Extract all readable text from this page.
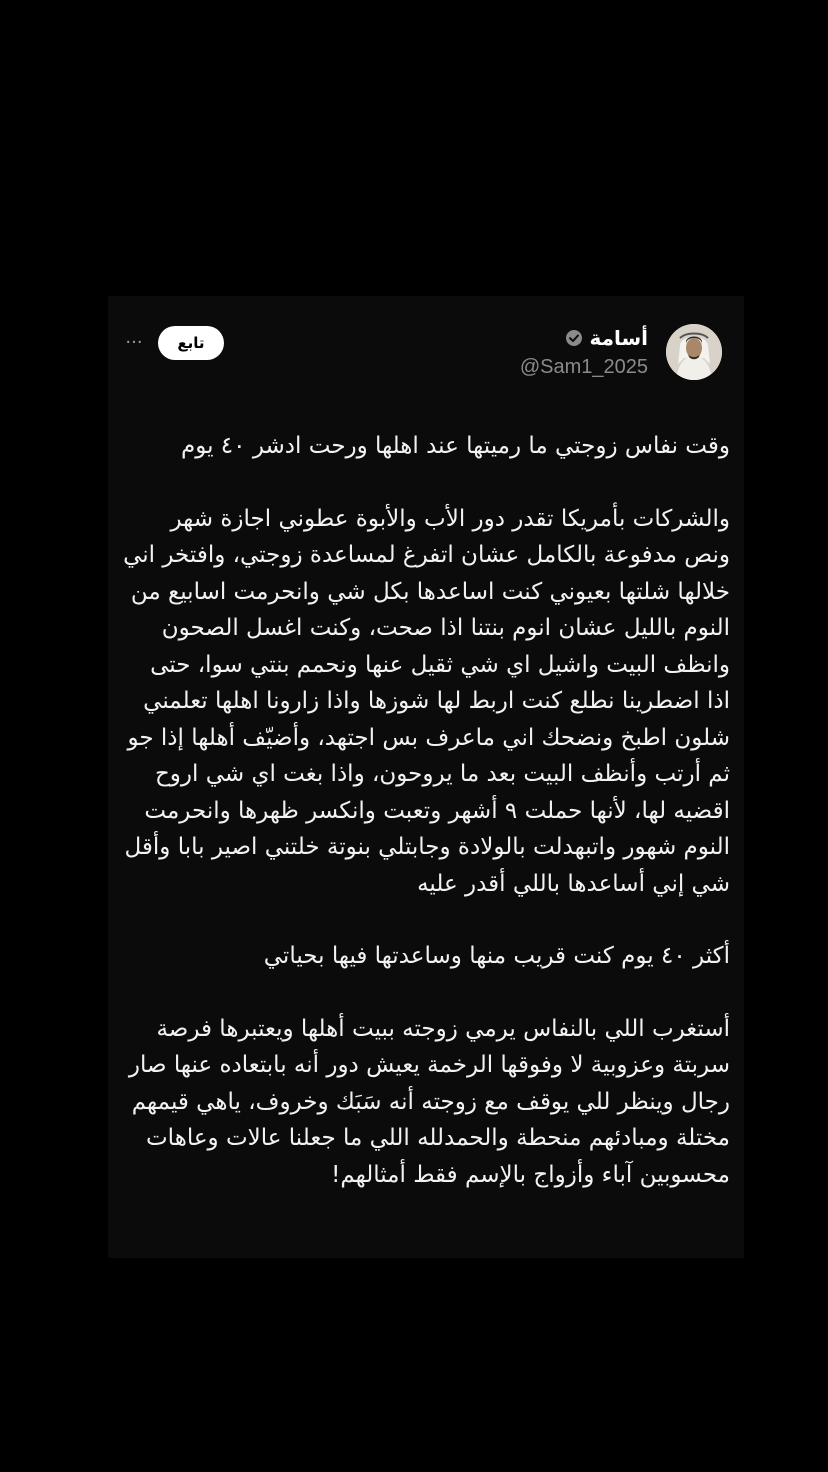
أسامة
@Sam1_2025
تابع
···

وقت نفاس زوجتي ما رميتها عند اهلها ورحت ادشر ٤٠ يوم

والشركات بأمريكا تقدر دور الأب والأبوة عطوني اجازة شهر ونص مدفوعة بالكامل عشان اتفرغ لمساعدة زوجتي، وافتخر اني خلالها شلتها بعيوني كنت اساعدها بكل شي وانحرمت اسابيع من النوم بالليل عشان انوم بنتنا اذا صحت، وكنت اغسل الصحون وانظف البيت واشيل اي شي ثقيل عنها ونحمم بنتي سوا، حتى اذا اضطرينا نطلع كنت اربط لها شوزها واذا زارونا اهلها تعلمني شلون اطبخ ونضحك اني ماعرف بس اجتهد، وأضيّف أهلها إذا جو ثم أرتب وأنظف البيت بعد ما يروحون، واذا بغت اي شي اروح اقضيه لها، لأنها حملت ٩ أشهر وتعبت وانكسر ظهرها وانحرمت النوم شهور واتبهدلت بالولادة وجابتلي بنوتة خلتني اصير بابا وأقل شي إني أساعدها باللي أقدر عليه

أكثر ٤٠ يوم كنت قريب منها وساعدتها فيها بحياتي

أستغرب اللي بالنفاس يرمي زوجته ببيت أهلها ويعتبرها فرصة سربتة وعزوبية لا وفوقها الرخمة يعيش دور أنه بابتعاده عنها صار رجال وينظر للي يوقف مع زوجته أنه سَبَك وخروف، ياهي قيمهم مختلة ومبادئهم منحطة والحمدلله اللي ما جعلنا عالات وعاهات محسوبين آباء وأزواج بالإسم فقط أمثالهم!
